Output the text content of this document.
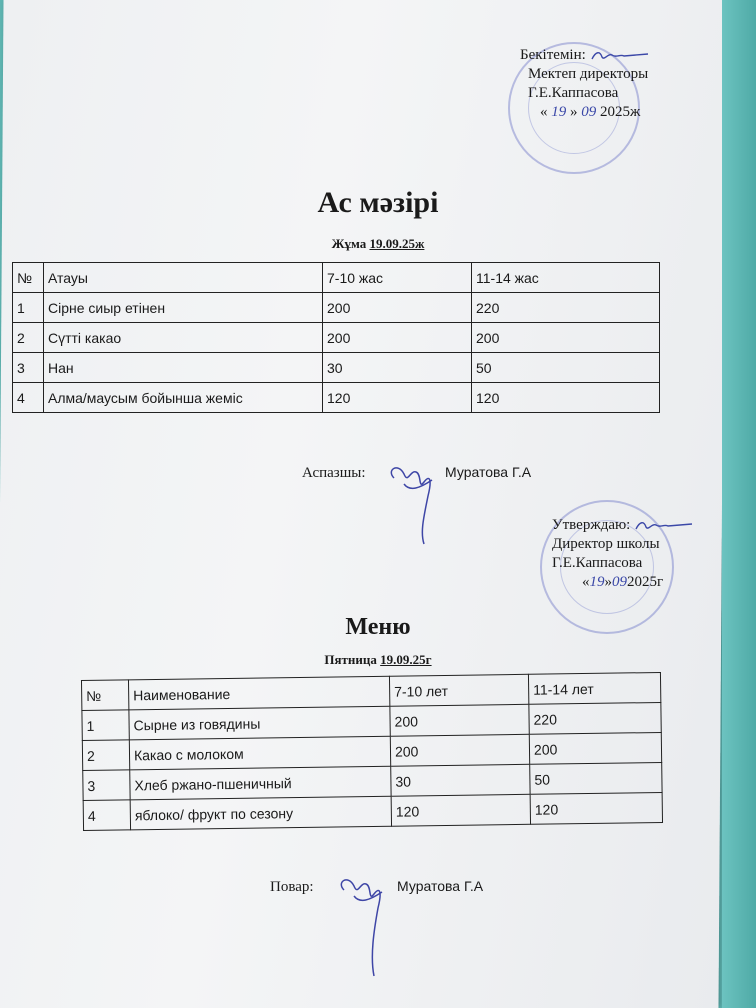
Бекітемін:
Мектеп директоры
Г.Е.Каппасова
« 19 » 09 2025ж
Ас мәзірі
Жұма 19.09.25ж
№	Атауы	7-10 жас	11-14 жас
1	Сірне сиыр етінен	200	220
2	Сүтті какао	200	200
3	Нан	30	50
4	Алма/маусым бойынша жеміс	120	120
Аспазшы:	Муратова Г.А
Утверждаю:
Директор школы
Г.Е.Каппасова
«19»092025г
Меню
Пятница 19.09.25г
№	Наименование	7-10 лет	11-14 лет
1	Сырне из говядины	200	220
2	Какао с молоком	200	200
3	Хлеб ржано-пшеничный	30	50
4	яблоко/ фрукт по сезону	120	120
Повар:	Муратова Г.А
